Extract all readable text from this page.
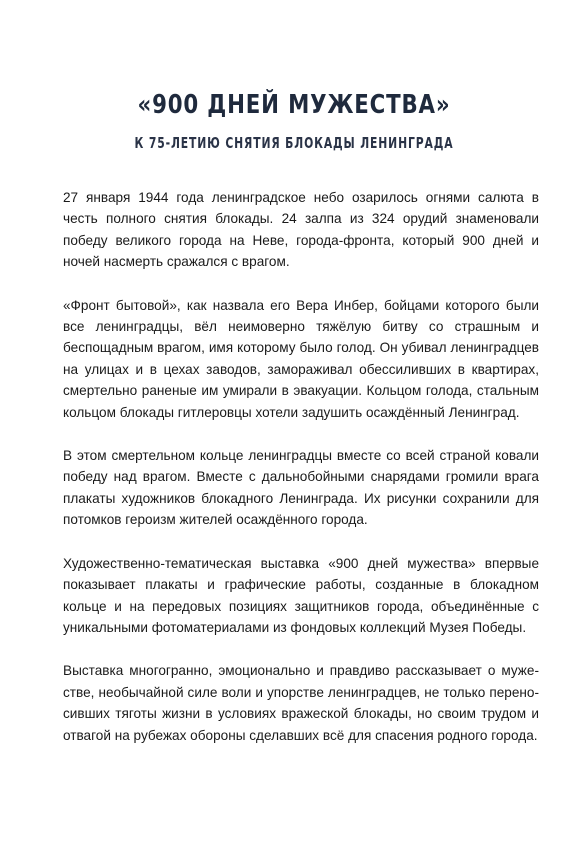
«900 ДНЕЙ МУЖЕСТВА»
К 75-ЛЕТИЮ СНЯТИЯ БЛОКАДЫ ЛЕНИНГРАДА

27 января 1944 года ленинградское небо озарилось огнями салюта в честь полного снятия блокады. 24 залпа из 324 орудий знаменовали победу великого города на Неве, города-фронта, который 900 дней и ночей насмерть сражался с врагом.

«Фронт бытовой», как назвала его Вера Инбер, бойцами которого были все ленинградцы, вёл неимоверно тяжёлую битву со страшным и беспощадным врагом, имя которому было голод. Он убивал ленинградцев на улицах и в цехах заводов, замораживал обессиливших в квартирах, смертельно раненые им умирали в эвакуации. Кольцом голода, стальным кольцом блокады гитлеровцы хотели задушить осаждённый Ленинград.

В этом смертельном кольце ленинградцы вместе со всей страной ковали победу над врагом. Вместе с дальнобойными снарядами громили врага плакаты художников блокадного Ленинграда. Их рисунки сохранили для потомков героизм жителей осаждённого города.

Художественно-тематическая выставка «900 дней мужества» впервые показывает плакаты и графические работы, созданные в блокадном кольце и на передовых позициях защитников города, объединённые с уникальными фотоматериалами из фондовых коллекций Музея Победы.

Выставка многогранно, эмоционально и правдиво рассказывает о мужестве, необычайной силе воли и упорстве ленинградцев, не только переносивших тяготы жизни в условиях вражеской блокады, но своим трудом и отвагой на рубежах обороны сделавших всё для спасения родного города.
